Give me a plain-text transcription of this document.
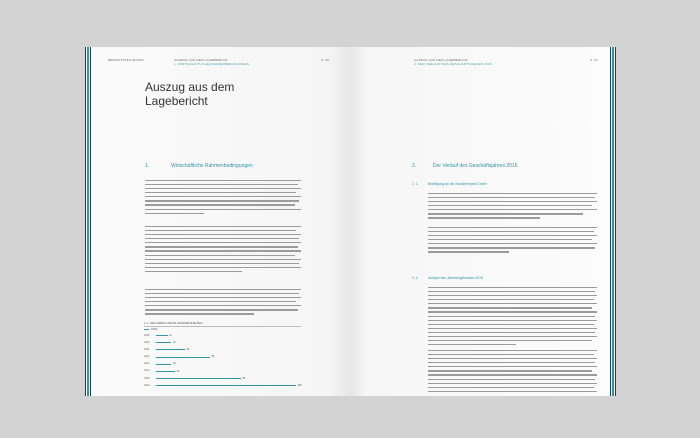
BERICHTSTEIL/DATEN	AUSZUG AUS DEM LAGEBERICHT
1. WIRTSCHAFTLICHE RAHMENBEDINGUNGEN
S. 06
Auszug aus dem Lagebericht
1.	Wirtschaftliche Rahmenbedingungen
1.1. NEU ERRICHTETE WOHNEINHEITEN
NRW
2009	12
2010	16
2011	30
2012	56
2013	16
2014	20
2015	88
2016	145
AUSZUG AUS DEM LAGEBERICHT
2. DER VERLAUF DES GESCHÄFTSJAHRES 2016
S. 07
2.	Der Verlauf des Geschäftsjahres 2016
2. 1.	Beteiligung an der Nordsternpark GmbH
2. 2.	Analyse des Jahresergebnisses 2016
